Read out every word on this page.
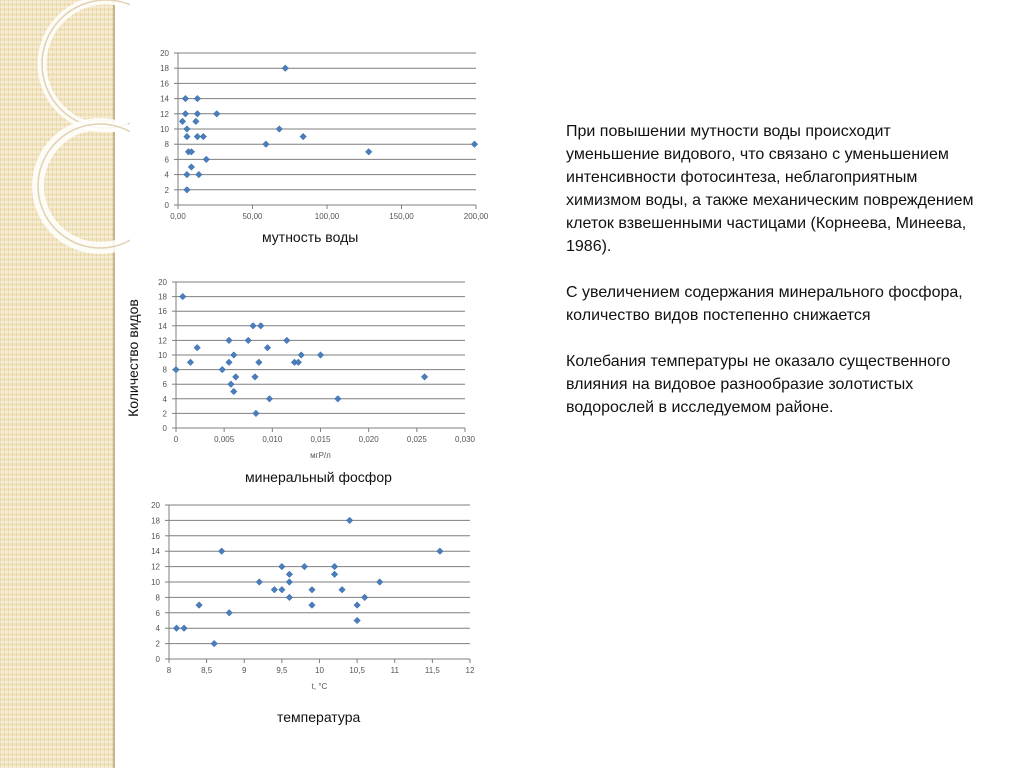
0
2
4
6
8
10
12
14
16
18
20
0,00	50,00	100,00	150,00	200,00
0
2
4
6
8
10
12
14
16
18
20
0	0,005	0,010	0,015	0,020	0,025	0,030
мгР/л
0
2
4
6
8
10
12
14
16
18
20
8	8,5	9	9,5	10	10,5	11	11,5	12
t, °C
мутность воды
минеральный фосфор
температура
Количество видов

При повышении мутности воды происходит уменьшение видового, что связано с уменьшением интенсивности фотосинтеза, неблагоприятным химизмом воды, а также механическим повреждением клеток взвешенными частицами (Корнеева, Минеева, 1986).

С увеличением содержания минерального фосфора, количество видов постепенно снижается

Колебания температуры не оказало существенного влияния на видовое разнообразие золотистых водорослей в исследуемом районе.
